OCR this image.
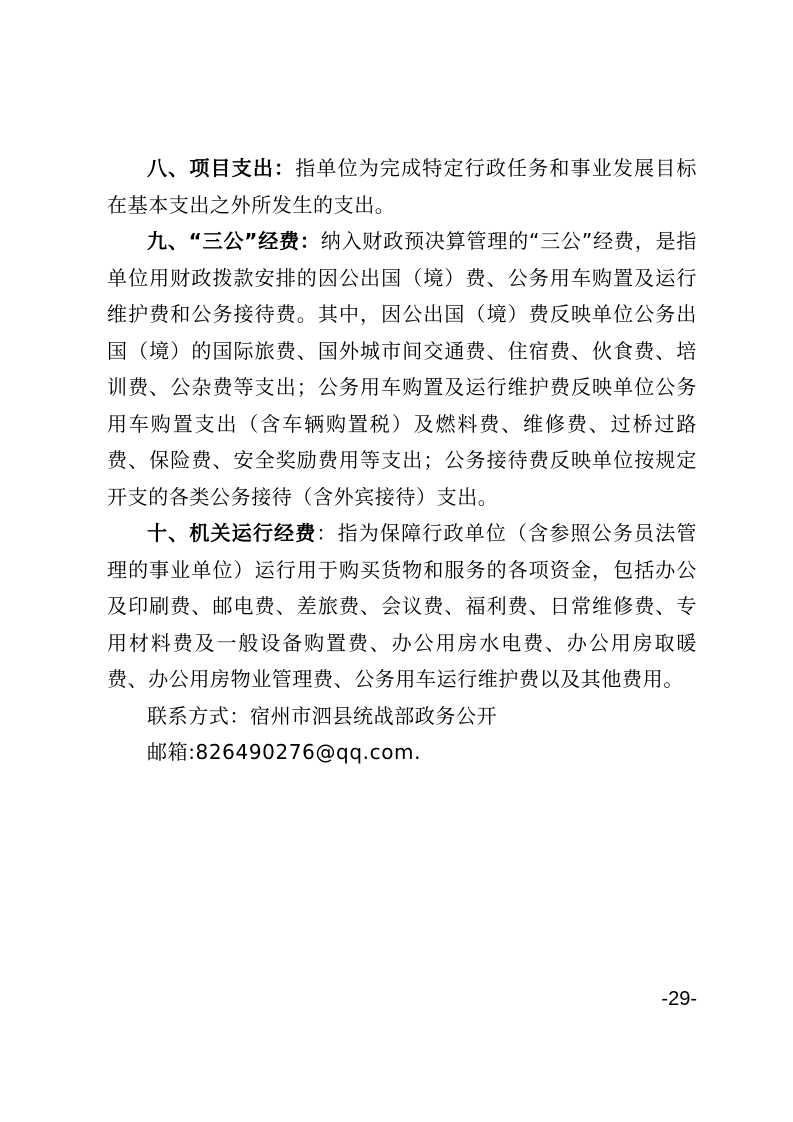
八、项目支出：指单位为完成特定行政任务和事业发展目标在基本支出之外所发生的支出。

九、“三公”经费：纳入财政预决算管理的“三公”经费，是指单位用财政拨款安排的因公出国（境）费、公务用车购置及运行维护费和公务接待费。其中，因公出国（境）费反映单位公务出国（境）的国际旅费、国外城市间交通费、住宿费、伙食费、培训费、公杂费等支出；公务用车购置及运行维护费反映单位公务用车购置支出（含车辆购置税）及燃料费、维修费、过桥过路费、保险费、安全奖励费用等支出；公务接待费反映单位按规定开支的各类公务接待（含外宾接待）支出。

十、机关运行经费：指为保障行政单位（含参照公务员法管理的事业单位）运行用于购买货物和服务的各项资金，包括办公及印刷费、邮电费、差旅费、会议费、福利费、日常维修费、专用材料费及一般设备购置费、办公用房水电费、办公用房取暖费、办公用房物业管理费、公务用车运行维护费以及其他费用。

联系方式：宿州市泗县统战部政务公开

邮箱:826490276@qq.com.

-29-
